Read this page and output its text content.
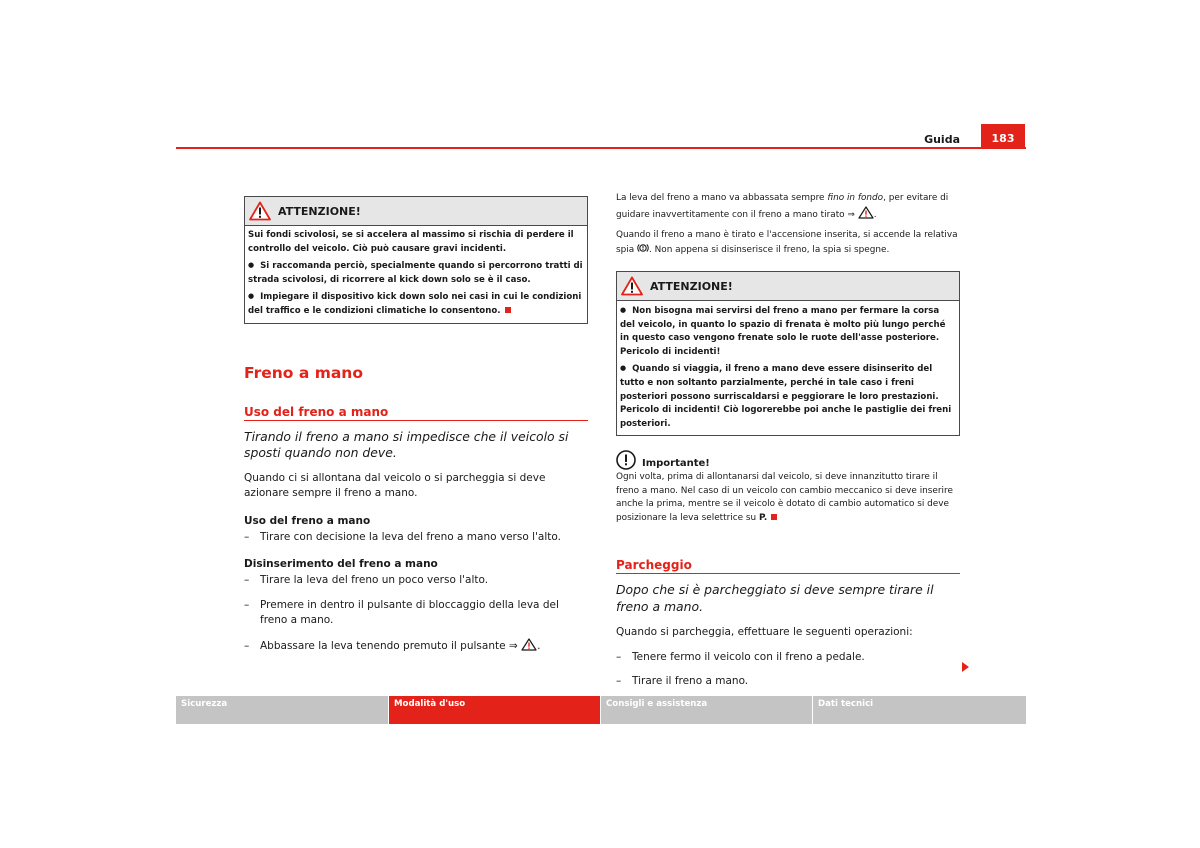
Guida	183
ATTENZIONE!

Sui fondi scivolosi, se si accelera al massimo si rischia di perdere il controllo del veicolo. Ciò può causare gravi incidenti.

● Si raccomanda perciò, specialmente quando si percorrono tratti di strada scivolosi, di ricorrere al kick down solo se è il caso.

● Impiegare il dispositivo kick down solo nei casi in cui le condizioni del traffico e le condizioni climatiche lo consentono.

Freno a mano
Uso del freno a mano

Tirando il freno a mano si impedisce che il veicolo si sposti quando non deve.

Quando ci si allontana dal veicolo o si parcheggia si deve azionare sempre il freno a mano.

Uso del freno a mano

– Tirare con decisione la leva del freno a mano verso l'alto.

Disinserimento del freno a mano

– Tirare la leva del freno un poco verso l'alto.

– Premere in dentro il pulsante di bloccaggio della leva del freno a mano.

– Abbassare la leva tenendo premuto il pulsante ⇒ .

La leva del freno a mano va abbassata sempre fino in fondo, per evitare di guidare inavvertitamente con il freno a mano tirato ⇒ .

Quando il freno a mano è tirato e l'accensione inserita, si accende la relativa spia . Non appena si disinserisce il freno, la spia si spegne.

ATTENZIONE!

● Non bisogna mai servirsi del freno a mano per fermare la corsa del veicolo, in quanto lo spazio di frenata è molto più lungo perché in questo caso vengono frenate solo le ruote dell'asse posteriore. Pericolo di incidenti!

● Quando si viaggia, il freno a mano deve essere disinserito del tutto e non soltanto parzialmente, perché in tale caso i freni posteriori possono surriscaldarsi e peggiorare le loro prestazioni. Pericolo di incidenti! Ciò logorerebbe poi anche le pastiglie dei freni posteriori.

Importante!

Ogni volta, prima di allontanarsi dal veicolo, si deve innanzitutto tirare il freno a mano. Nel caso di un veicolo con cambio meccanico si deve inserire anche la prima, mentre se il veicolo è dotato di cambio automatico si deve posizionare la leva selettrice su P.

Parcheggio

Dopo che si è parcheggiato si deve sempre tirare il freno a mano.

Quando si parcheggia, effettuare le seguenti operazioni:

– Tenere fermo il veicolo con il freno a pedale.

– Tirare il freno a mano.

Sicurezza	Modalità d'uso	Consigli e assistenza	Dati tecnici
